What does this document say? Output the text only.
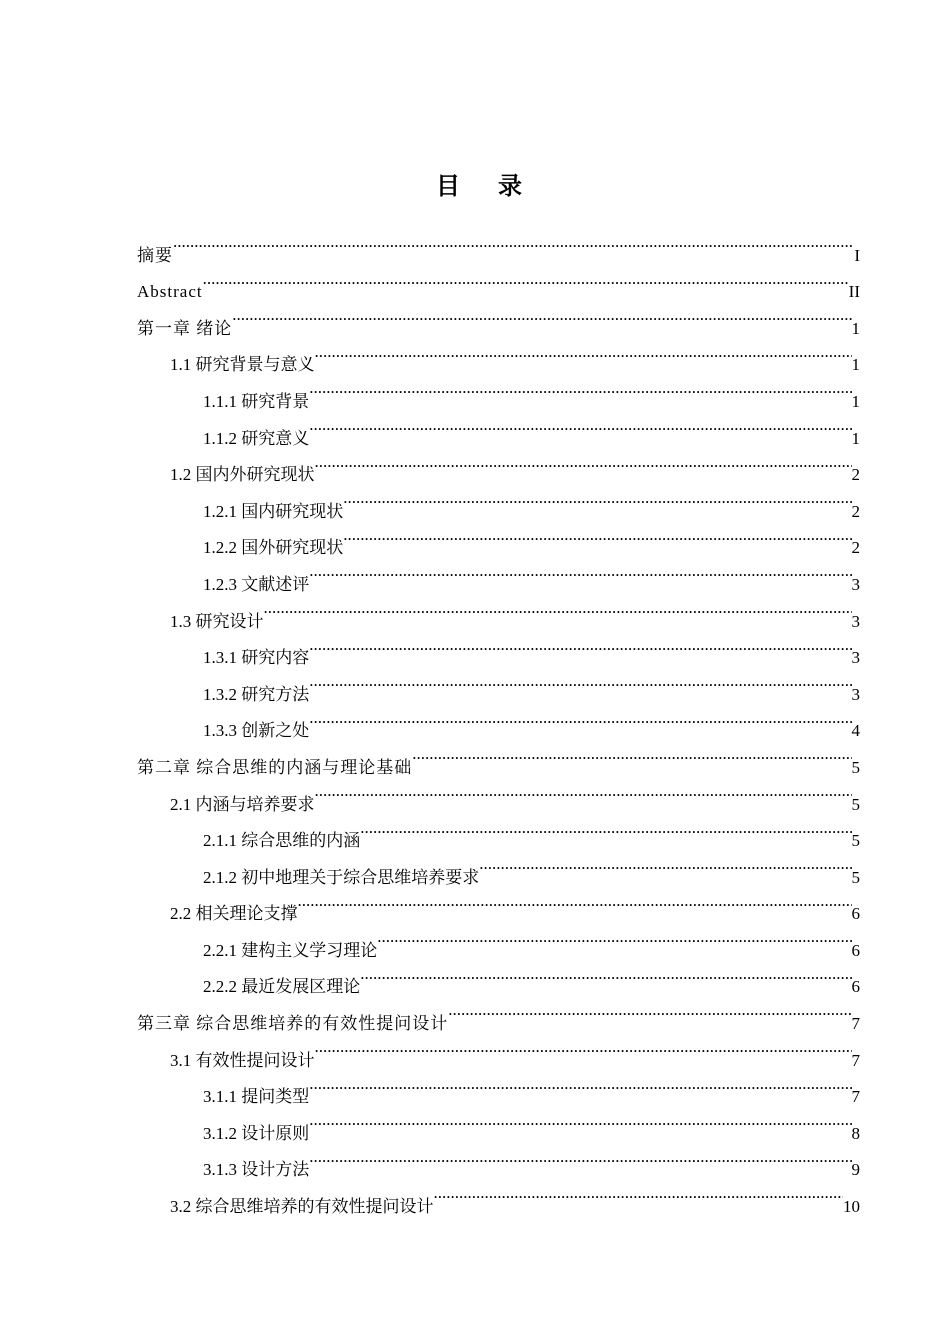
目录
摘要 .....	I
Abstract .....	II
第一章 绪论 .....	1
1.1 研究背景与意义 .....	1
1.1.1 研究背景 .....	1
1.1.2 研究意义 .....	1
1.2 国内外研究现状 .....	2
1.2.1 国内研究现状 .....	2
1.2.2 国外研究现状 .....	2
1.2.3 文献述评 .....	3
1.3 研究设计 .....	3
1.3.1 研究内容 .....	3
1.3.2 研究方法 .....	3
1.3.3 创新之处 .....	4
第二章 综合思维的内涵与理论基础 .....	5
2.1 内涵与培养要求 .....	5
2.1.1 综合思维的内涵 .....	5
2.1.2 初中地理关于综合思维培养要求 .....	5
2.2 相关理论支撑 .....	6
2.2.1 建构主义学习理论 .....	6
2.2.2 最近发展区理论 .....	6
第三章 综合思维培养的有效性提问设计 .....	7
3.1 有效性提问设计 .....	7
3.1.1 提问类型 .....	7
3.1.2 设计原则 .....	8
3.1.3 设计方法 .....	9
3.2 综合思维培养的有效性提问设计 .....	10
